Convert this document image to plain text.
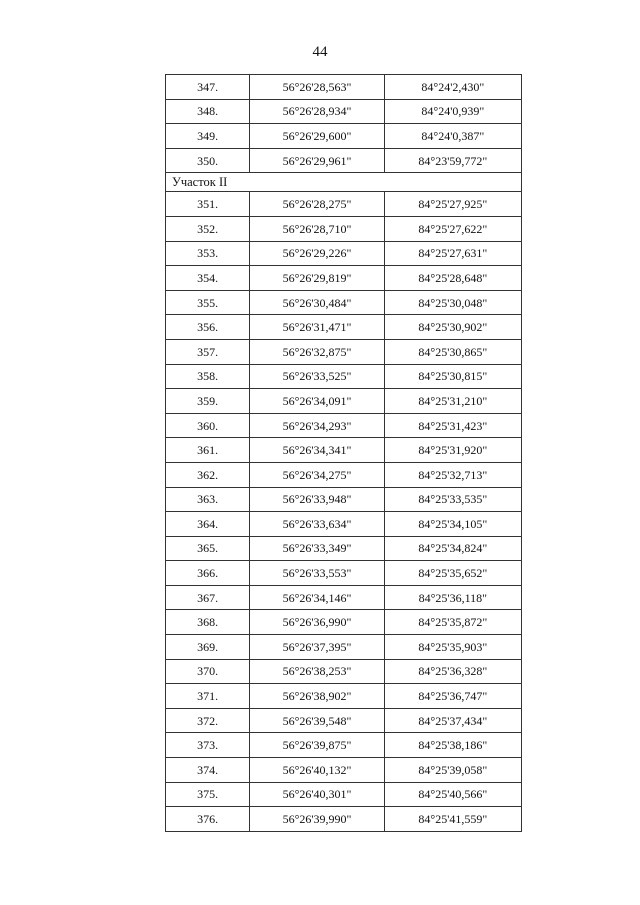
44
347.	56°26'28,563"	84°24'2,430"
348.	56°26'28,934"	84°24'0,939"
349.	56°26'29,600"	84°24'0,387"
350.	56°26'29,961"	84°23'59,772"
Участок II		
351.	56°26'28,275"	84°25'27,925"
352.	56°26'28,710"	84°25'27,622"
353.	56°26'29,226"	84°25'27,631"
354.	56°26'29,819"	84°25'28,648"
355.	56°26'30,484"	84°25'30,048"
356.	56°26'31,471"	84°25'30,902"
357.	56°26'32,875"	84°25'30,865"
358.	56°26'33,525"	84°25'30,815"
359.	56°26'34,091"	84°25'31,210"
360.	56°26'34,293"	84°25'31,423"
361.	56°26'34,341"	84°25'31,920"
362.	56°26'34,275"	84°25'32,713"
363.	56°26'33,948"	84°25'33,535"
364.	56°26'33,634"	84°25'34,105"
365.	56°26'33,349"	84°25'34,824"
366.	56°26'33,553"	84°25'35,652"
367.	56°26'34,146"	84°25'36,118"
368.	56°26'36,990"	84°25'35,872"
369.	56°26'37,395"	84°25'35,903"
370.	56°26'38,253"	84°25'36,328"
371.	56°26'38,902"	84°25'36,747"
372.	56°26'39,548"	84°25'37,434"
373.	56°26'39,875"	84°25'38,186"
374.	56°26'40,132"	84°25'39,058"
375.	56°26'40,301"	84°25'40,566"
376.	56°26'39,990"	84°25'41,559"
